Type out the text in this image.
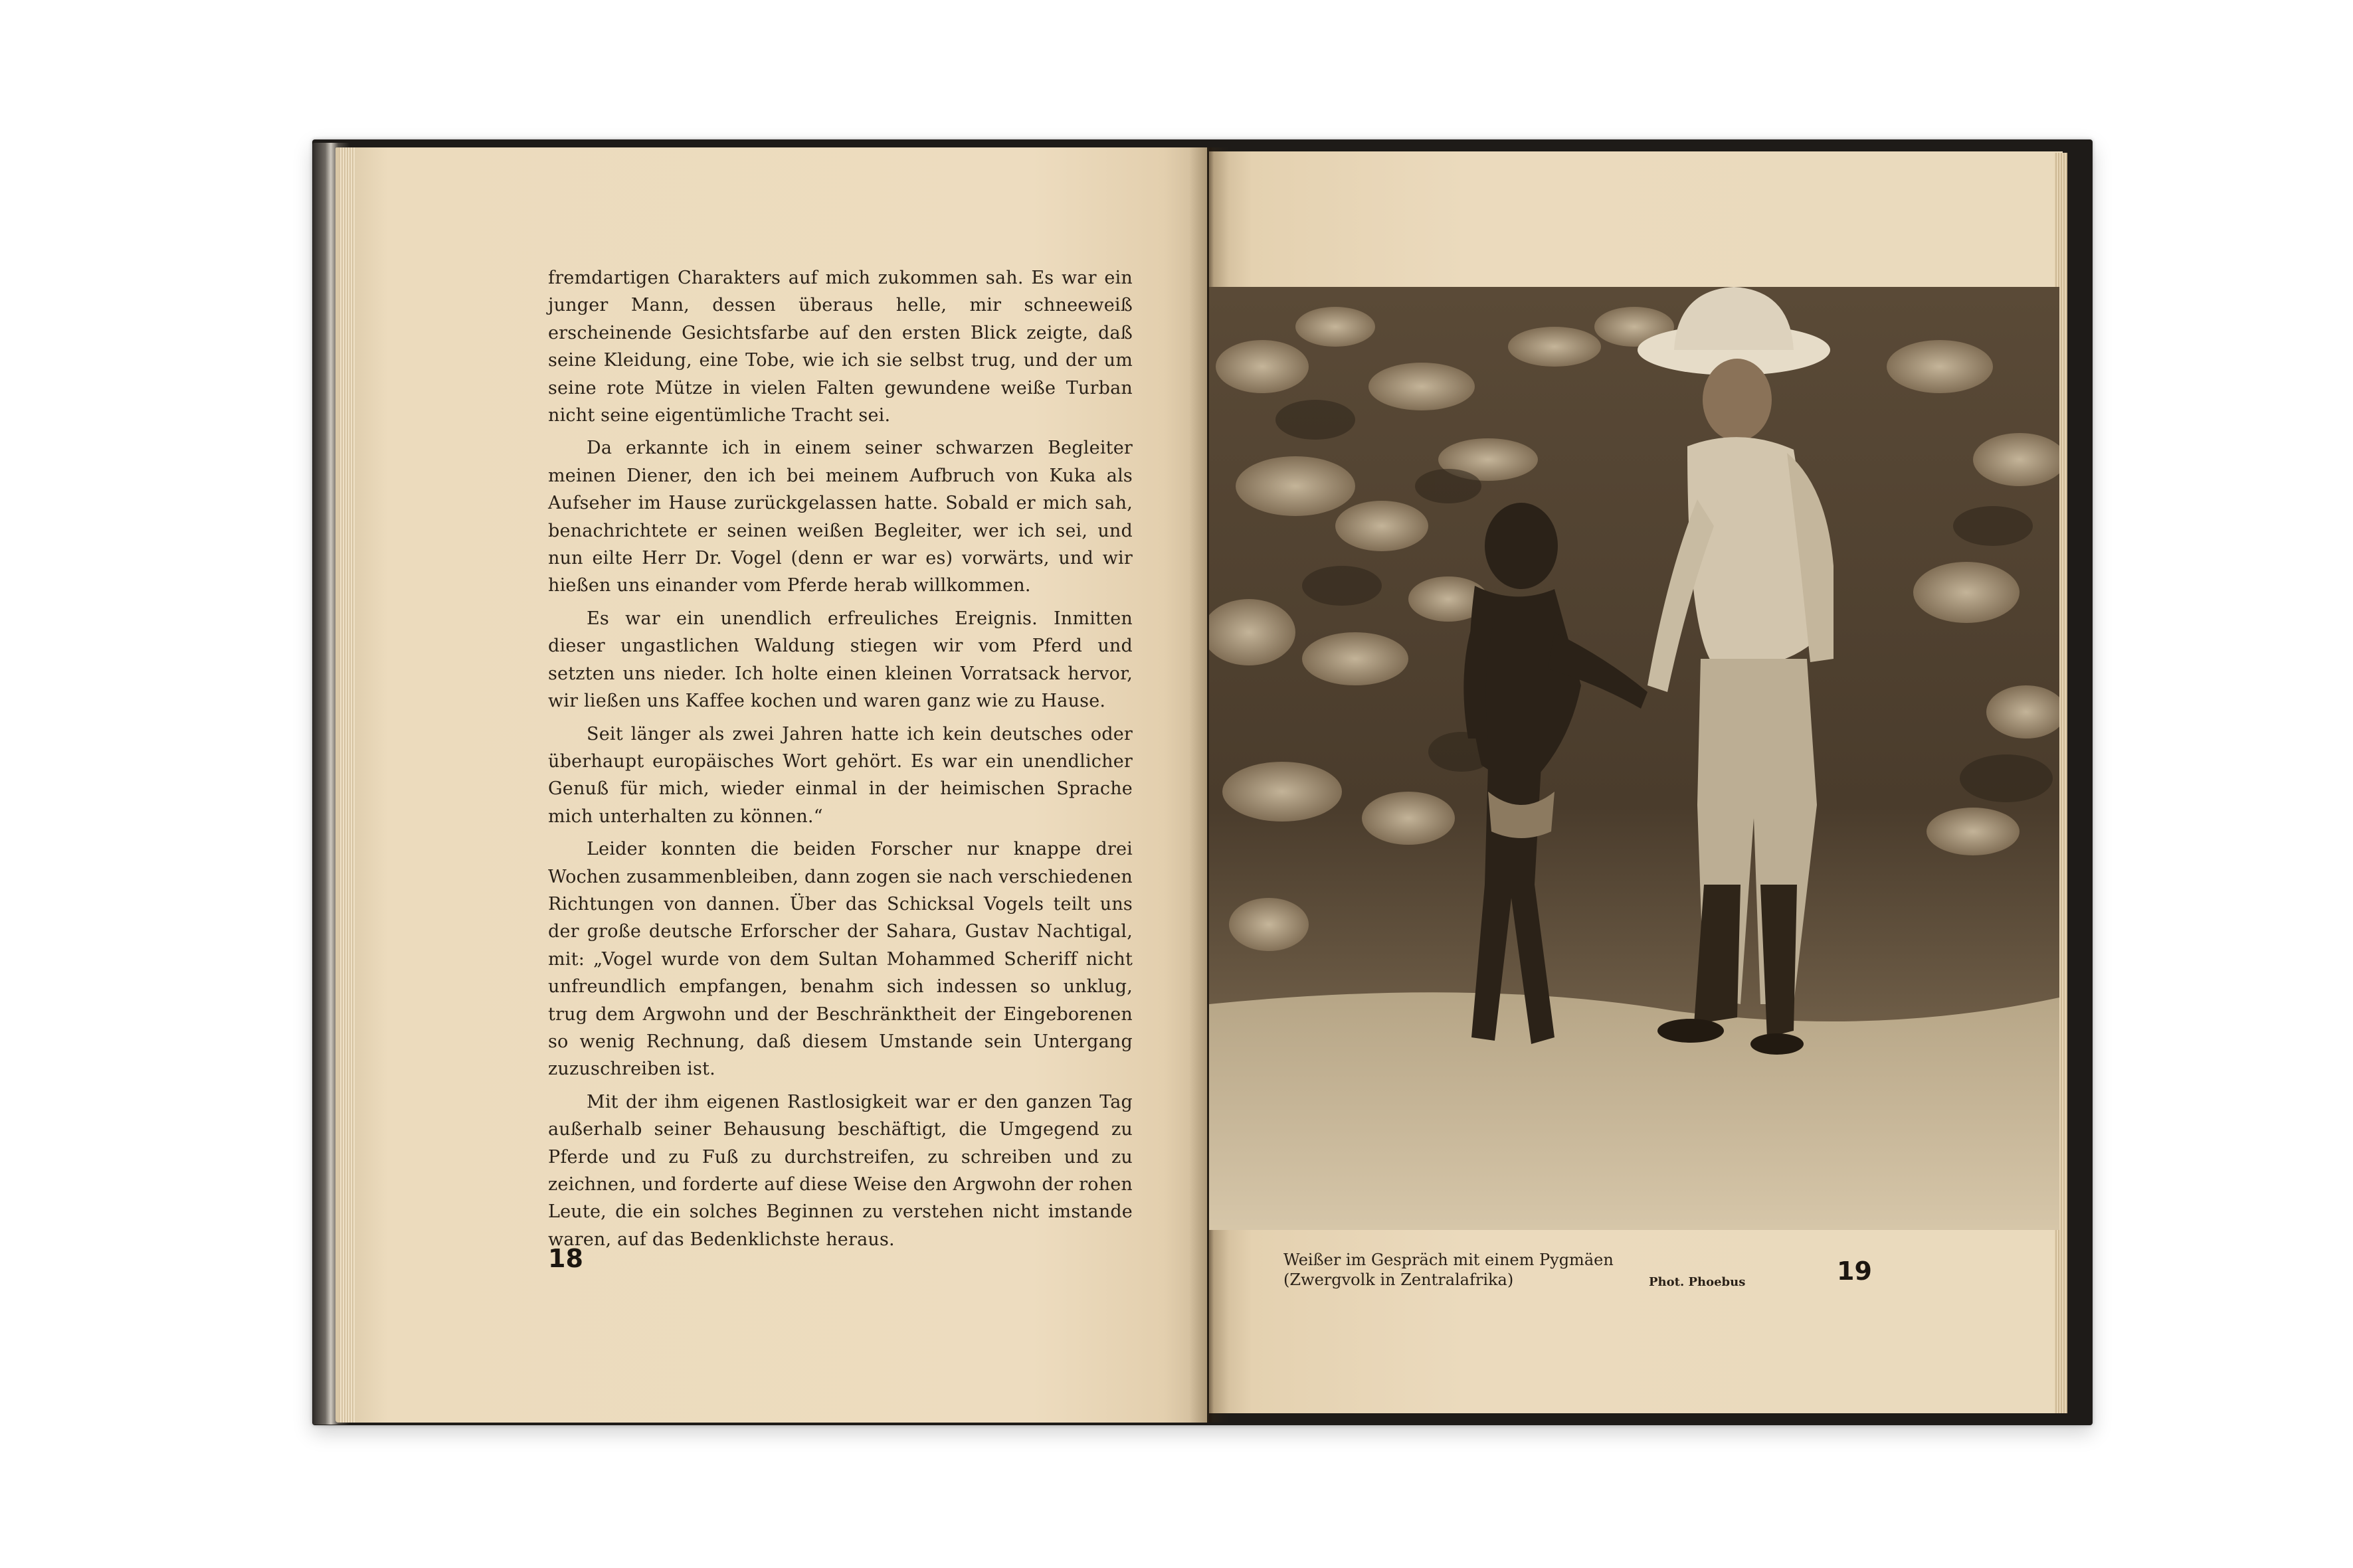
fremdartigen Charakters auf mich zukommen sah. Es war ein junger Mann, dessen überaus helle, mir schneeweiß erscheinende Gesichtsfarbe auf den ersten Blick zeigte, daß seine Kleidung, eine Tobe, wie ich sie selbst trug, und der um seine rote Mütze in vielen Falten gewundene weiße Turban nicht seine eigentümliche Tracht sei.

Da erkannte ich in einem seiner schwarzen Begleiter meinen Diener, den ich bei meinem Aufbruch von Kuka als Aufseher im Hause zurückgelassen hatte. Sobald er mich sah, benachrichtete er seinen weißen Begleiter, wer ich sei, und nun eilte Herr Dr. Vogel (denn er war es) vorwärts, und wir hießen uns einander vom Pferde herab willkommen.

Es war ein unendlich erfreuliches Ereignis. Inmitten dieser ungastlichen Waldung stiegen wir vom Pferd und setzten uns nieder. Ich holte einen kleinen Vorratsack hervor, wir ließen uns Kaffee kochen und waren ganz wie zu Hause.

Seit länger als zwei Jahren hatte ich kein deutsches oder überhaupt europäisches Wort gehört. Es war ein unendlicher Genuß für mich, wieder einmal in der heimischen Sprache mich unterhalten zu können.“

Leider konnten die beiden Forscher nur knappe drei Wochen zusammenbleiben, dann zogen sie nach verschiedenen Richtungen von dannen. Über das Schicksal Vogels teilt uns der große deutsche Erforscher der Sahara, Gustav Nachtigal, mit: „Vogel wurde von dem Sultan Mohammed Scheriff nicht unfreundlich empfangen, benahm sich indessen so unklug, trug dem Argwohn und der Beschränktheit der Eingeborenen so wenig Rechnung, daß diesem Umstande sein Untergang zuzuschreiben ist.

Mit der ihm eigenen Rastlosigkeit war er den ganzen Tag außerhalb seiner Behausung beschäftigt, die Umgegend zu Pferde und zu Fuß zu durchstreifen, zu schreiben und zu zeichnen, und forderte auf diese Weise den Argwohn der rohen Leute, die ein solches Beginnen zu verstehen nicht imstande waren, auf das Bedenklichste heraus.

18	Weißer im Gespräch mit einem Pygmäen
(Zwergvolk in Zentralafrika)	Phot. Phoebus	19
